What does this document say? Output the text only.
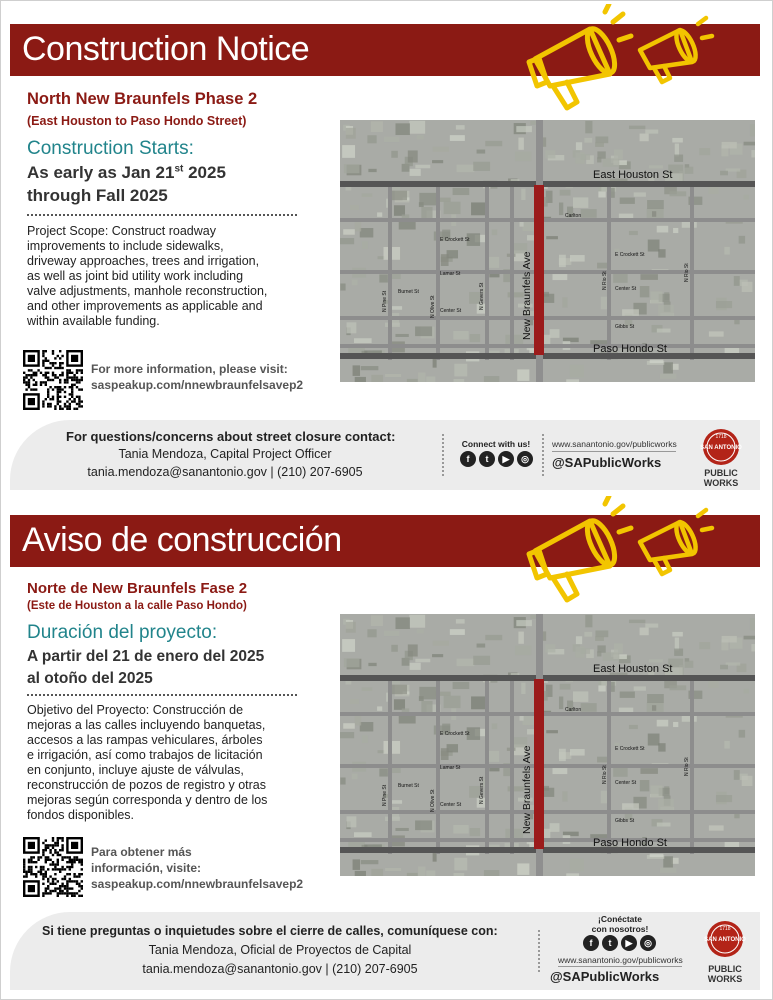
Construction Notice
North New Braunfels Phase 2
(East Houston to Paso Hondo Street)
Construction Starts:
As early as Jan 21st 2025
through Fall 2025
Project Scope: Construct roadway
improvements to include sidewalks,
driveway approaches, trees and irrigation,
as well as joint bid utility work including
valve adjustments, manhole reconstruction,
and other improvements as applicable and
within available funding.
For more information, please visit:
saspeakup.com/nnewbraunfelsavep2
East Houston St
Paso Hondo St
New Braunfels Ave
Carlton
E Crockett St
E Crockett St
Burnet St
Center St
Center St
Gibbs St
Lamar St
N Olive St	N Gevers St
N Pine St
N Rio St	N Rio St
For questions/concerns about street closure contact:
Tania Mendoza, Capital Project Officer
tania.mendoza@sanantonio.gov | (210) 207-6905
Connect with us!
f	t	▶	◎
www.sanantonio.gov/publicworks
@SAPublicWorks
1718
SAN ANTONIO
PUBLIC WORKS
Aviso de construcción
Norte de New Braunfels Fase 2
(Este de Houston a la calle Paso Hondo)
Duración del proyecto:
A partir del 21 de enero del 2025
al otoño del 2025
Objetivo del Proyecto: Construcción de
mejoras a las calles incluyendo banquetas,
accesos a las rampas vehiculares, árboles
e irrigación, así como trabajos de licitación
en conjunto, incluye ajuste de válvulas,
reconstrucción de pozos de registro y otras
mejoras según corresponda y dentro de los
fondos disponibles.
Para obtener más
información, visite:
saspeakup.com/nnewbraunfelsavep2
East Houston St
Paso Hondo St
New Braunfels Ave
Carlton
E Crockett St
E Crockett St
Burnet St
Center St
Center St
Gibbs St
Lamar St
N Olive St	N Gevers St
N Pine St
N Rio St	N Rio St
Si tiene preguntas o inquietudes sobre el cierre de calles, comuníquese con:
Tania Mendoza, Oficial de Proyectos de Capital
tania.mendoza@sanantonio.gov | (210) 207-6905
¡Conéctate
con nosotros!
f	t	▶	◎
www.sanantonio.gov/publicworks
@SAPublicWorks
1718
SAN ANTONIO
PUBLIC WORKS
